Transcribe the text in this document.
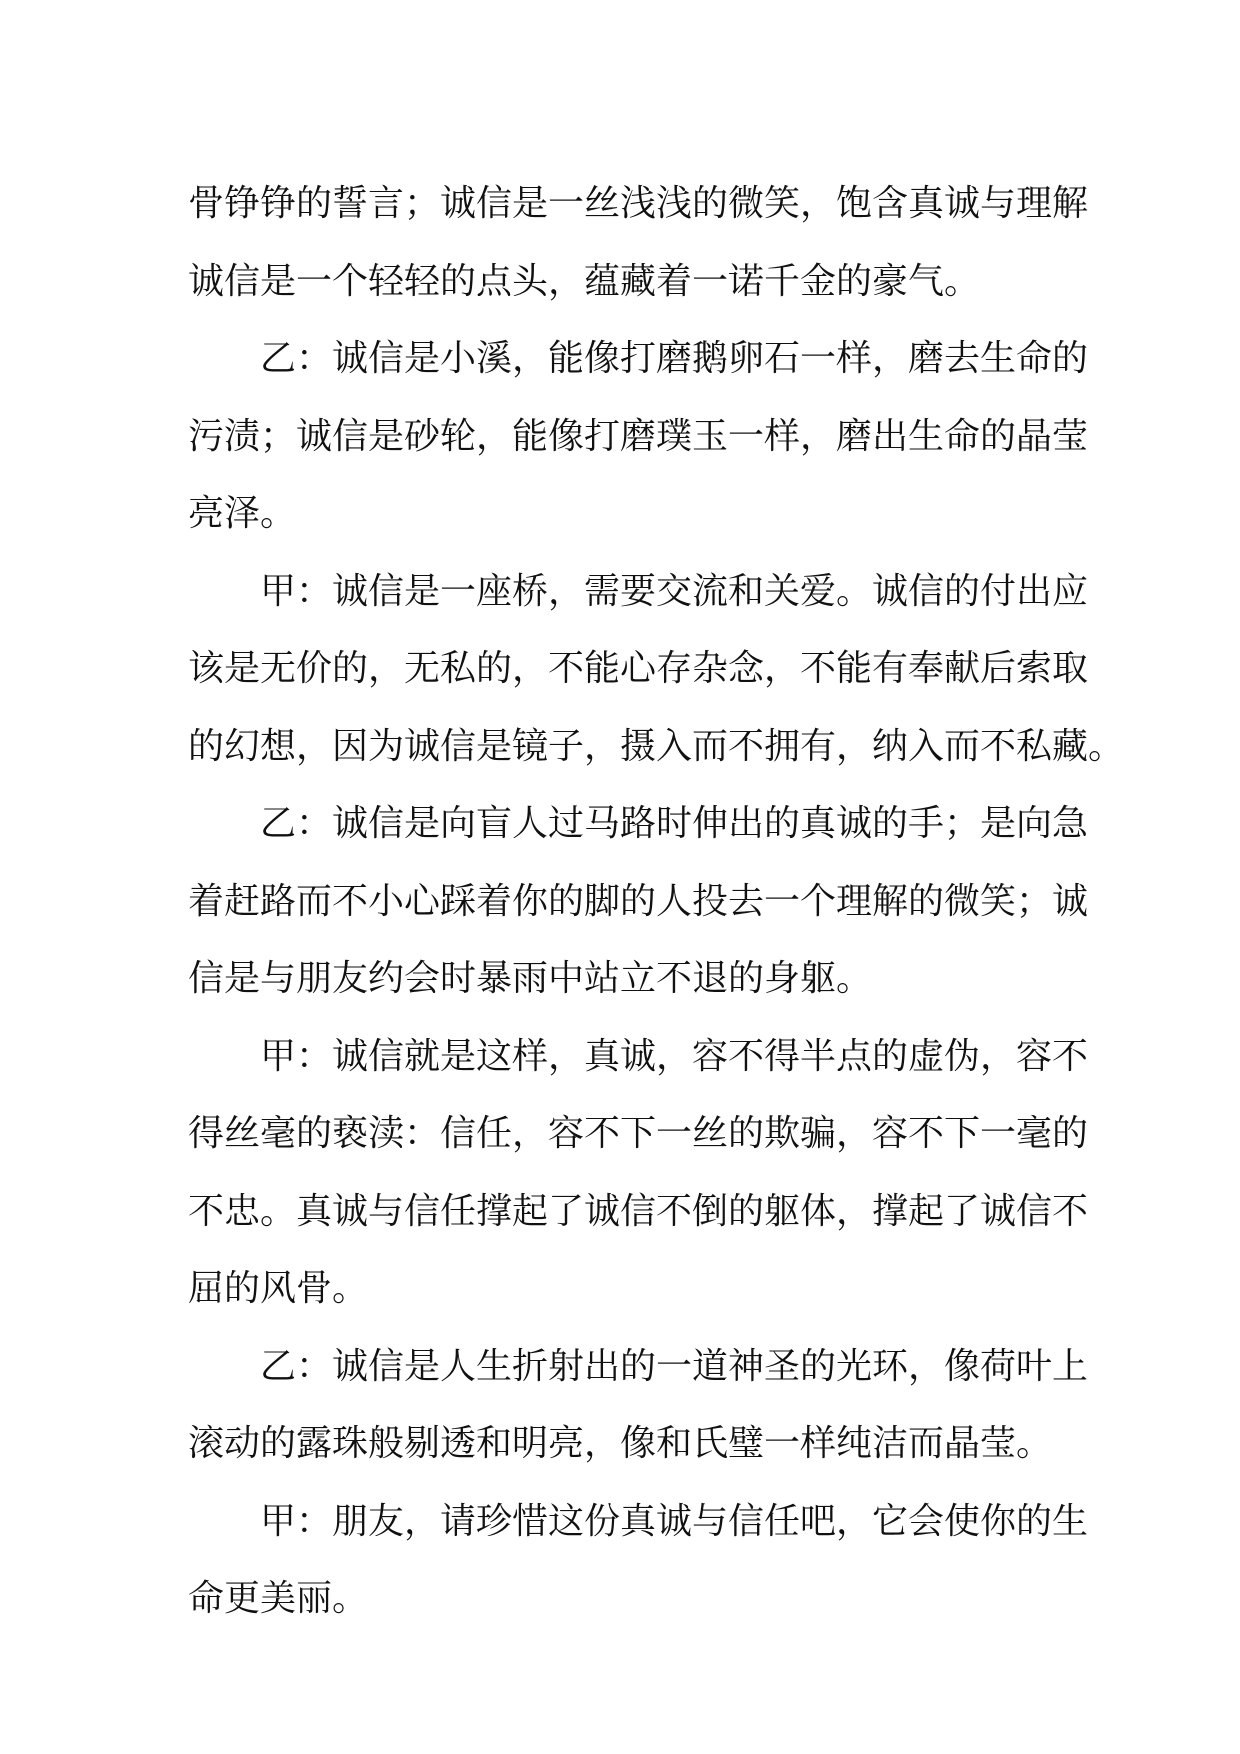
骨铮铮的誓言；诚信是一丝浅浅的微笑，饱含真诚与理解
诚信是一个轻轻的点头，蕴藏着一诺千金的豪气。
乙：诚信是小溪，能像打磨鹅卵石一样，磨去生命的
污渍；诚信是砂轮，能像打磨璞玉一样，磨出生命的晶莹
亮泽。
甲：诚信是一座桥，需要交流和关爱。诚信的付出应
该是无价的，无私的，不能心存杂念，不能有奉献后索取
的幻想，因为诚信是镜子，摄入而不拥有，纳入而不私藏。
乙：诚信是向盲人过马路时伸出的真诚的手；是向急
着赶路而不小心踩着你的脚的人投去一个理解的微笑；诚
信是与朋友约会时暴雨中站立不退的身躯。
甲：诚信就是这样，真诚，容不得半点的虚伪，容不
得丝毫的亵渎：信任，容不下一丝的欺骗，容不下一毫的
不忠。真诚与信任撑起了诚信不倒的躯体，撑起了诚信不
屈的风骨。
乙：诚信是人生折射出的一道神圣的光环，像荷叶上
滚动的露珠般剔透和明亮，像和氏璧一样纯洁而晶莹。
甲：朋友，请珍惜这份真诚与信任吧，它会使你的生
命更美丽。
